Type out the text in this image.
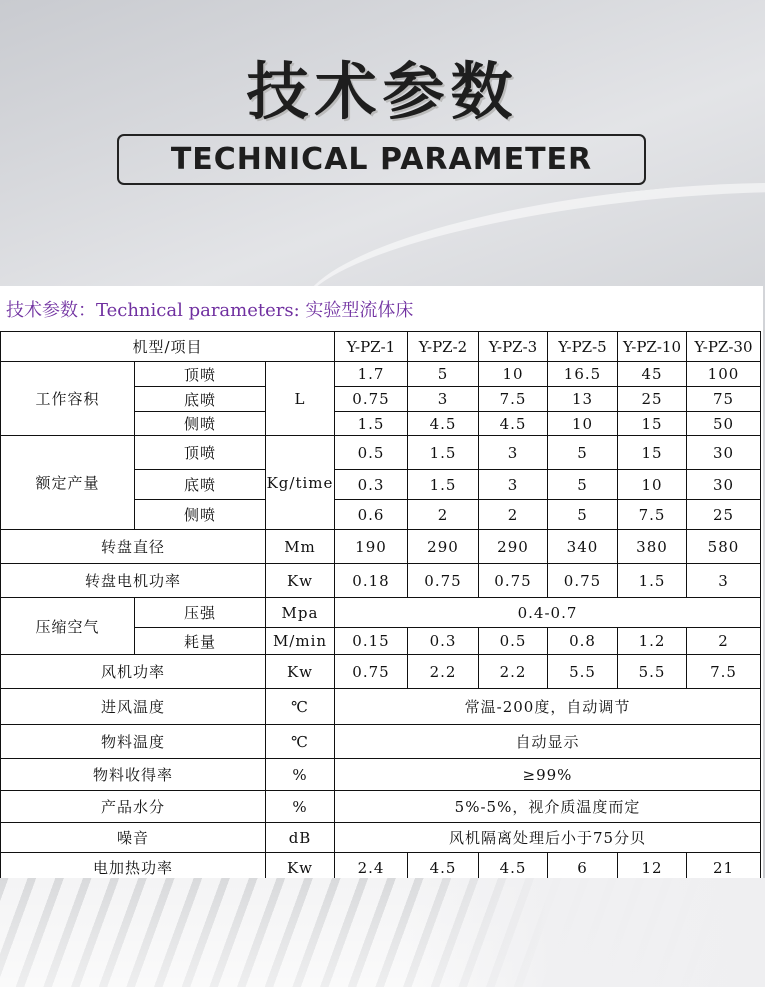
技术参数
TECHNICAL PARAMETER
技术参数：Technical parameters: 实验型流体床
机型/项目			Y-PZ-1	Y-PZ-2	Y-PZ-3	Y-PZ-5	Y-PZ-10	Y-PZ-30
工作容积	顶喷	L	1.7	5	10	16.5	45	100
	底喷		0.75	3	7.5	13	25	75
	侧喷		1.5	4.5	4.5	10	15	50
额定产量	顶喷	Kg/time	0.5	1.5	3	5	15	30
	底喷		0.3	1.5	3	5	10	30
	侧喷		0.6	2	2	5	7.5	25
转盘直径		Mm	190	290	290	340	380	580
转盘电机功率		Kw	0.18	0.75	0.75	0.75	1.5	3
压缩空气	压强	Mpa	0.4-0.7					
	耗量	M/min	0.15	0.3	0.5	0.8	1.2	2
风机功率		Kw	0.75	2.2	2.2	5.5	5.5	7.5
进风温度		℃	常温-200度，自动调节					
物料温度		℃	自动显示					
物料收得率		%	≥99%					
产品水分		%	5%-5%，视介质温度而定					
噪音		dB	风机隔离处理后小于75分贝					
电加热功率		Kw	2.4	4.5	4.5	6	12	21
